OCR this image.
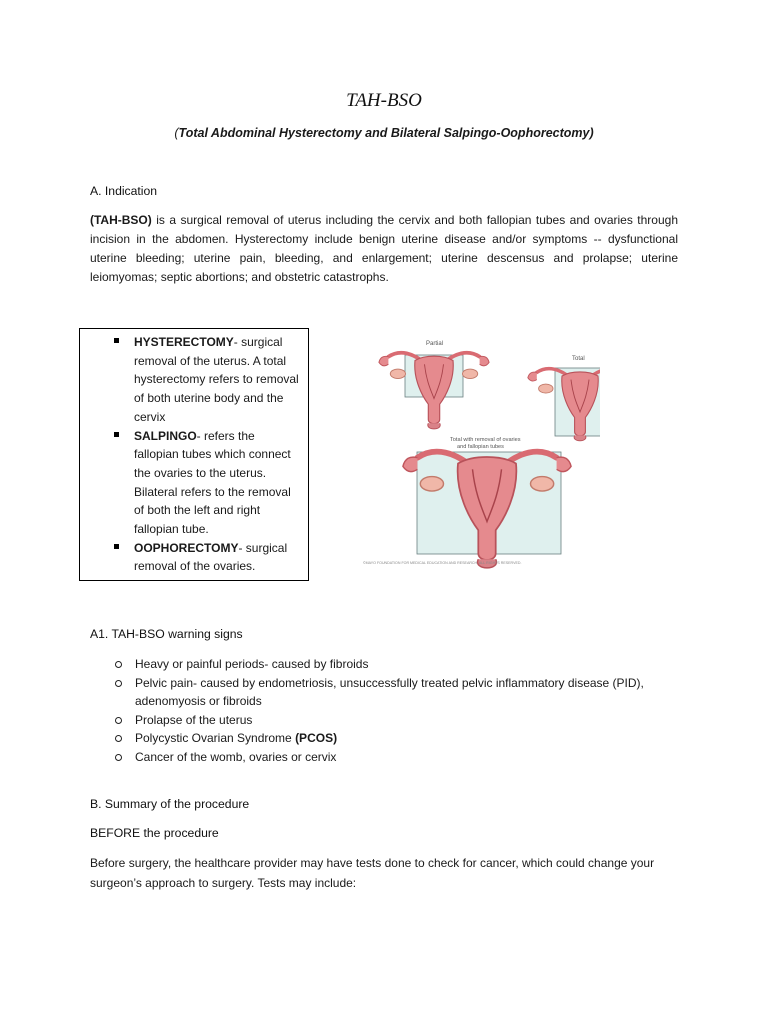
TAH-BSO
(Total Abdominal Hysterectomy and Bilateral Salpingo-Oophorectomy)
A. Indication
(TAH-BSO) is a surgical removal of uterus including the cervix and both fallopian tubes and ovaries through incision in the abdomen. Hysterectomy include benign uterine disease and/or symptoms -- dysfunctional uterine bleeding; uterine pain, bleeding, and enlargement; uterine descensus and prolapse; uterine leiomyomas; septic abortions; and obstetric catastrophs.
HYSTERECTOMY- surgical removal of the uterus. A total hysterectomy refers to removal of both uterine body and the cervix
SALPINGO- refers the fallopian tubes which connect the ovaries to the uterus. Bilateral refers to the removal of both the left and right fallopian tube.
OOPHORECTOMY- surgical removal of the ovaries.
Partial
Total
Total with removal of ovaries
and fallopian tubes
©MAYO FOUNDATION FOR MEDICAL EDUCATION AND RESEARCH. ALL RIGHTS RESERVED.
A1. TAH-BSO warning signs
Heavy or painful periods- caused by fibroids
Pelvic pain- caused by endometriosis, unsuccessfully treated pelvic inflammatory disease (PID), adenomyosis or fibroids
Prolapse of the uterus
Polycystic Ovarian Syndrome (PCOS)
Cancer of the womb, ovaries or cervix
B. Summary of the procedure
BEFORE the procedure
Before surgery, the healthcare provider may have tests done to check for cancer, which could change your surgeon’s approach to surgery. Tests may include:
